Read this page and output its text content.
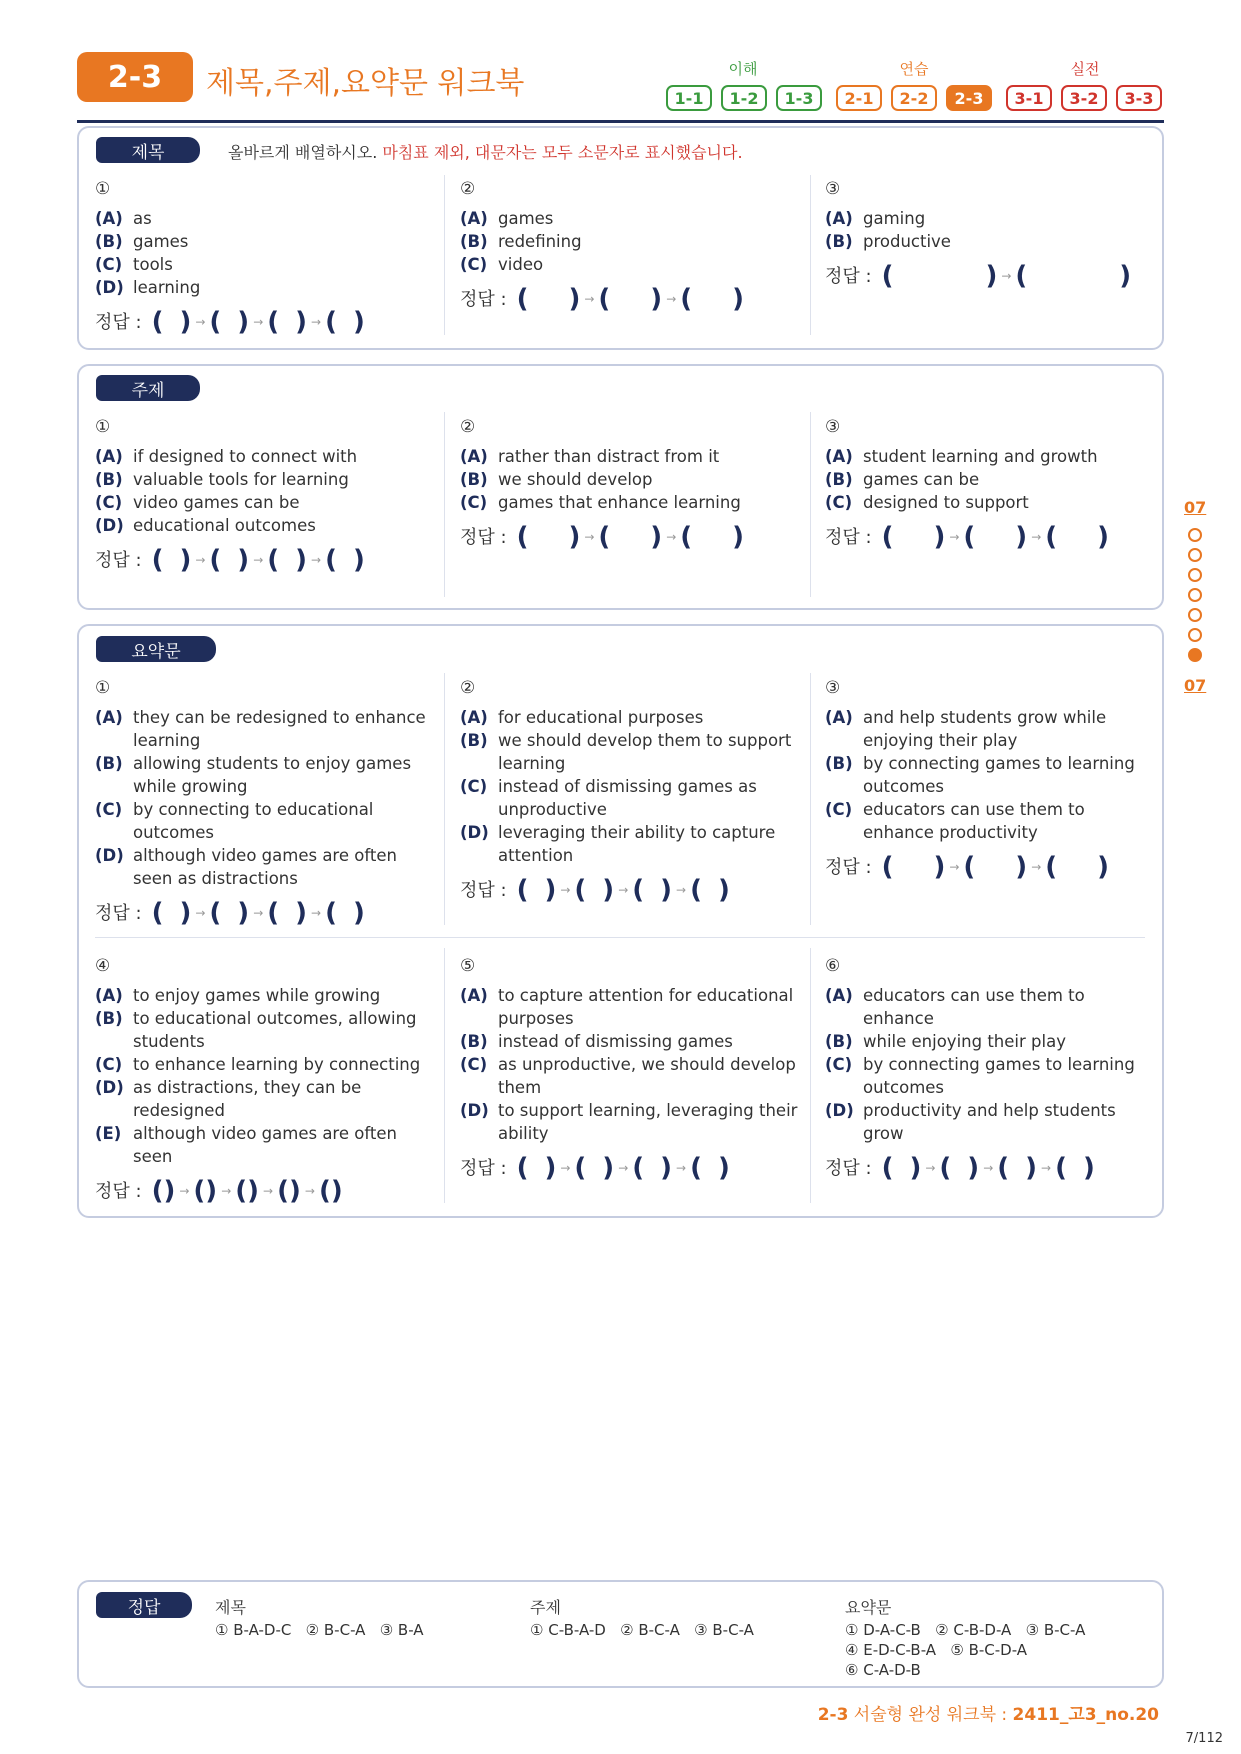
2-3	제목,주제,요약문 워크북	이해	연습	실전
1-1	1-2	1-3	2-1	2-2	2-3	3-1	3-2	3-3
제목	올바르게 배열하시오. 마침표 제외, 대문자는 모두 소문자로 표시했습니다.
①
(A) as
(B) games
(C) tools
(D) learning
정답 : ( ) → ( ) → ( ) → ( )
②
(A) games
(B) redefining
(C) video
정답 : ( ) → ( ) → ( )
③
(A) gaming
(B) productive
정답 : (	) → (	)
주제
①
(A) if designed to connect with
(B) valuable tools for learning
(C) video games can be
(D) educational outcomes
정답 : ( ) → ( ) → ( ) → ( )
②
(A) rather than distract from it
(B) we should develop
(C) games that enhance learning
정답 : ( ) → ( ) → ( )
③
(A) student learning and growth
(B) games can be
(C) designed to support
정답 : ( ) → ( ) → ( )
요약문
①
(A) they can be redesigned to enhance learning
(B) allowing students to enjoy games while growing
(C) by connecting to educational outcomes
(D) although video games are often seen as distractions
정답 : ( ) → ( ) → ( ) → ( )
②
(A) for educational purposes
(B) we should develop them to support learning
(C) instead of dismissing games as unproductive
(D) leveraging their ability to capture attention
정답 : ( ) → ( ) → ( ) → ( )
③
(A) and help students grow while enjoying their play
(B) by connecting games to learning outcomes
(C) educators can use them to enhance productivity
정답 : ( ) → ( ) → ( )
④
(A) to enjoy games while growing
(B) to educational outcomes, allowing students
(C) to enhance learning by connecting
(D) as distractions, they can be redesigned
(E) although video games are often seen
정답 : ( ) → ( ) → ( ) → ( ) → ( )
⑤
(A) to capture attention for educational purposes
(B) instead of dismissing games
(C) as unproductive, we should develop them
(D) to support learning, leveraging their ability
정답 : ( ) → ( ) → ( ) → ( )
⑥
(A) educators can use them to enhance
(B) while enjoying their play
(C) by connecting games to learning outcomes
(D) productivity and help students grow
정답 : ( ) → ( ) → ( ) → ( )
07
07
정답	제목
① B-A-D-C   ② B-C-A   ③ B-A
주제
① C-B-A-D   ② B-C-A   ③ B-C-A
요약문
① D-A-C-B   ② C-B-D-A   ③ B-C-A
④ E-D-C-B-A   ⑤ B-C-D-A
⑥ C-A-D-B
2-3 서술형 완성 워크북 : 2411_고3_no.20
7/112
